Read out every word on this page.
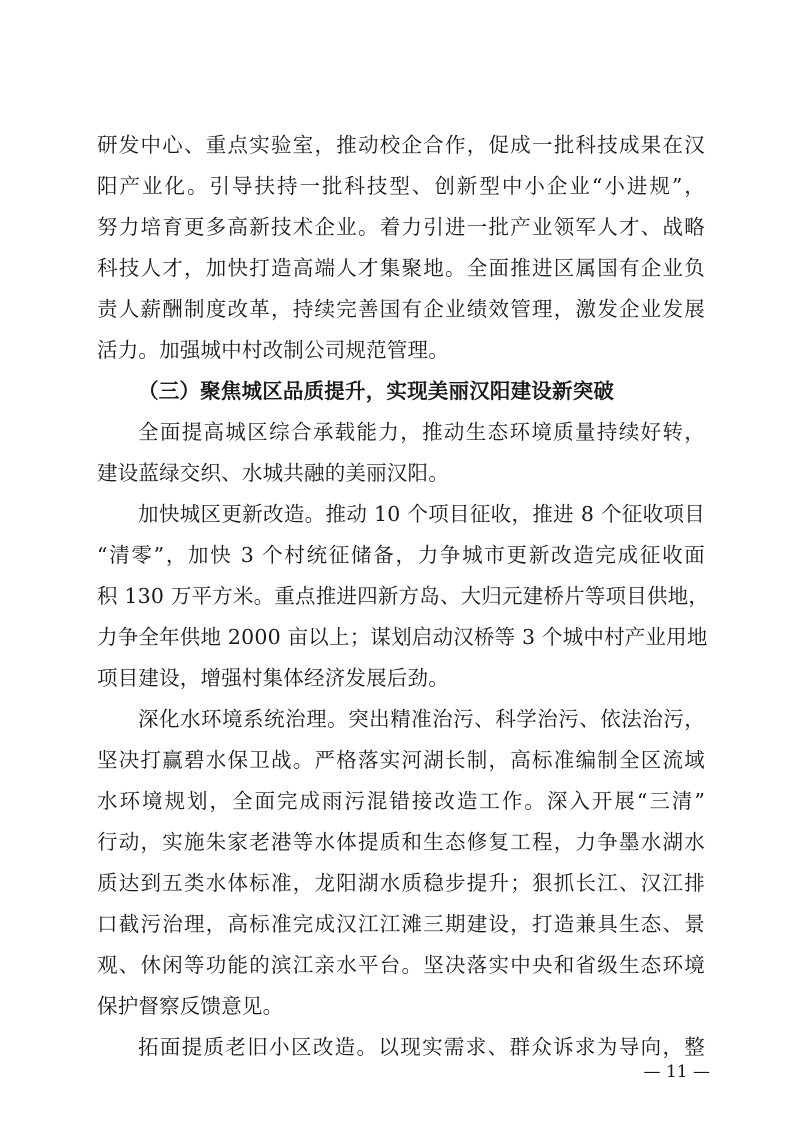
研发中心、重点实验室，推动校企合作，促成一批科技成果在汉
阳产业化。引导扶持一批科技型、创新型中小企业“小进规”，
努力培育更多高新技术企业。着力引进一批产业领军人才、战略
科技人才，加快打造高端人才集聚地。全面推进区属国有企业负
责人薪酬制度改革，持续完善国有企业绩效管理，激发企业发展
活力。加强城中村改制公司规范管理。
（三）聚焦城区品质提升，实现美丽汉阳建设新突破
全面提高城区综合承载能力，推动生态环境质量持续好转，
建设蓝绿交织、水城共融的美丽汉阳。
加快城区更新改造。推动 10 个项目征收，推进 8 个征收项目
“清零”，加快 3 个村统征储备，力争城市更新改造完成征收面
积 130 万平方米。重点推进四新方岛、大归元建桥片等项目供地，
力争全年供地 2000 亩以上；谋划启动汉桥等 3 个城中村产业用地
项目建设，增强村集体经济发展后劲。
深化水环境系统治理。突出精准治污、科学治污、依法治污，
坚决打赢碧水保卫战。严格落实河湖长制，高标准编制全区流域
水环境规划，全面完成雨污混错接改造工作。深入开展“三清”
行动，实施朱家老港等水体提质和生态修复工程，力争墨水湖水
质达到五类水体标准，龙阳湖水质稳步提升；狠抓长江、汉江排
口截污治理，高标准完成汉江江滩三期建设，打造兼具生态、景
观、休闲等功能的滨江亲水平台。坚决落实中央和省级生态环境
保护督察反馈意见。
拓面提质老旧小区改造。以现实需求、群众诉求为导向，整
— 11 —
